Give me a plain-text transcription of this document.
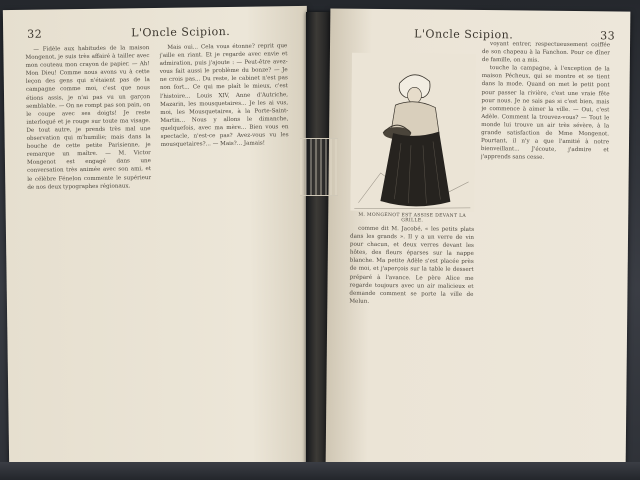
32	L'Oncle Scipion.

— Fidèle aux habitudes de la maison Mongenot, je suis très affairé à tailler avec mon couteau mon crayon de papier. — Ah! Mon Dieu! Comme nous avons vu à cette leçon des gens qui n'étaient pas de la campagne comme moi, c'est que nous étions assis, je n'ai pas vu un garçon semblable. — On ne rompt pas son pain, on le coupe avec ses doigts! Je reste interloqué et je rouge sur toute ma visage. De tout autre, je prends très mal une observation qui m'humilie; mais dans la bouche de cette petite Parisienne, je remarque un maître. — M. Victor Mongenot est engagé dans une conversation très animée avec son ami, et le célèbre Fénelon commente le supérieur de nos deux typographes régionaux.

Mais oui... Cela vous étonne? reprit que j'aille en riant. Et je regarde avec envie et admiration, puis j'ajoute : — Peut-être avez-vous fait aussi le problème du bonze? — Je ne crois pas... Du reste, le cabinet n'est pas non fort... Ce qui me plaît le mieux, c'est l'histoire... Louis XIV, Anne d'Autriche, Mazarin, les mousquetaires... Je les ai vus, moi, les Mousquetaires, à la Porte-Saint-Martin... Nous y allons le dimanche, quelquefois, avec ma mère... Bien vous en spectacle, n'est-ce pas? Avez-vous vu les mousquetaires?... — Mais?... Jamais!

L'Oncle Scipion.	33
M. MONGENOT EST ASSISE DEVANT LA GRILLE.

comme dit M. Jacobé, « les petits plats dans les grands ». Il y a un verre de vin pour chacun, et deux verres devant les hôtes, des fleurs éparses sur la nappe blanche. Ma petite Adèle s'est placée près de moi, et j'aperçois sur la table le dessert préparé à l'avance. Le père Alice me regarde toujours avec un air malicieux et demande comment se porte la ville de Melun.

voyant entrer, respectueusement coiffée de son chapeau à la Fanchon. Pour ce dîner de famille, on a mis.

touche la campagne, à l'exception de la maison Pécheux, qui se montre et se tient dans la mode. Quand on met le petit pont pour passer la rivière, c'est une vraie fête pour nous. Je ne sais pas si c'est bien, mais je commence à aimer la ville. — Oui, c'est Adèle. Comment la trouvez-vous? — Tout le monde lui trouve un air très sévère, à la grande satisfaction de Mme Mongenot. Pourtant, il n'y a que l'amitié à notre bienveillant... J'écoute, j'admire et j'apprends sans cesse.
